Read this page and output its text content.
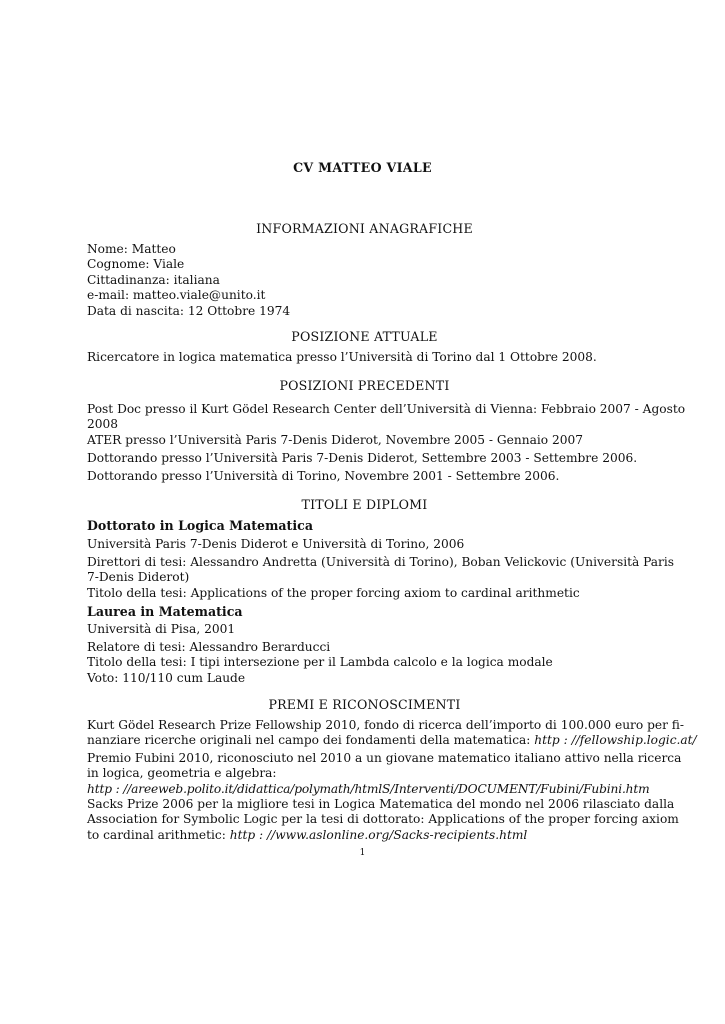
CV MATTEO VIALE
INFORMAZIONI ANAGRAFICHE
Nome: Matteo
Cognome: Viale
Cittadinanza: italiana
e-mail: matteo.viale@unito.it
Data di nascita: 12 Ottobre 1974
POSIZIONE ATTUALE
Ricercatore in logica matematica presso l’Università di Torino dal 1 Ottobre 2008.
POSIZIONI PRECEDENTI
Post Doc presso il Kurt Gödel Research Center dell’Università di Vienna: Febbraio 2007 - Agosto
2008
ATER presso l’Università Paris 7-Denis Diderot, Novembre 2005 - Gennaio 2007
Dottorando presso l’Università Paris 7-Denis Diderot, Settembre 2003 - Settembre 2006.
Dottorando presso l’Università di Torino, Novembre 2001 - Settembre 2006.
TITOLI E DIPLOMI
Dottorato in Logica Matematica
Università Paris 7-Denis Diderot e Università di Torino, 2006
Direttori di tesi: Alessandro Andretta (Università di Torino), Boban Velickovic (Università Paris
7-Denis Diderot)
Titolo della tesi: Applications of the proper forcing axiom to cardinal arithmetic
Laurea in Matematica
Università di Pisa, 2001
Relatore di tesi: Alessandro Berarducci
Titolo della tesi: I tipi intersezione per il Lambda calcolo e la logica modale
Voto: 110/110 cum Laude
PREMI E RICONOSCIMENTI
Kurt Gödel Research Prize Fellowship 2010, fondo di ricerca dell’importo di 100.000 euro per fi-
nanziare ricerche originali nel campo dei fondamenti della matematica: http : //fellowship.logic.at/
Premio Fubini 2010, riconosciuto nel 2010 a un giovane matematico italiano attivo nella ricerca
in logica, geometria e algebra:
http : //areeweb.polito.it/didattica/polymath/htmlS/Interventi/DOCUMENT/Fubini/Fubini.htm
Sacks Prize 2006 per la migliore tesi in Logica Matematica del mondo nel 2006 rilasciato dalla
Association for Symbolic Logic per la tesi di dottorato: Applications of the proper forcing axiom
to cardinal arithmetic: http : //www.aslonline.org/Sacks-recipients.html
1
